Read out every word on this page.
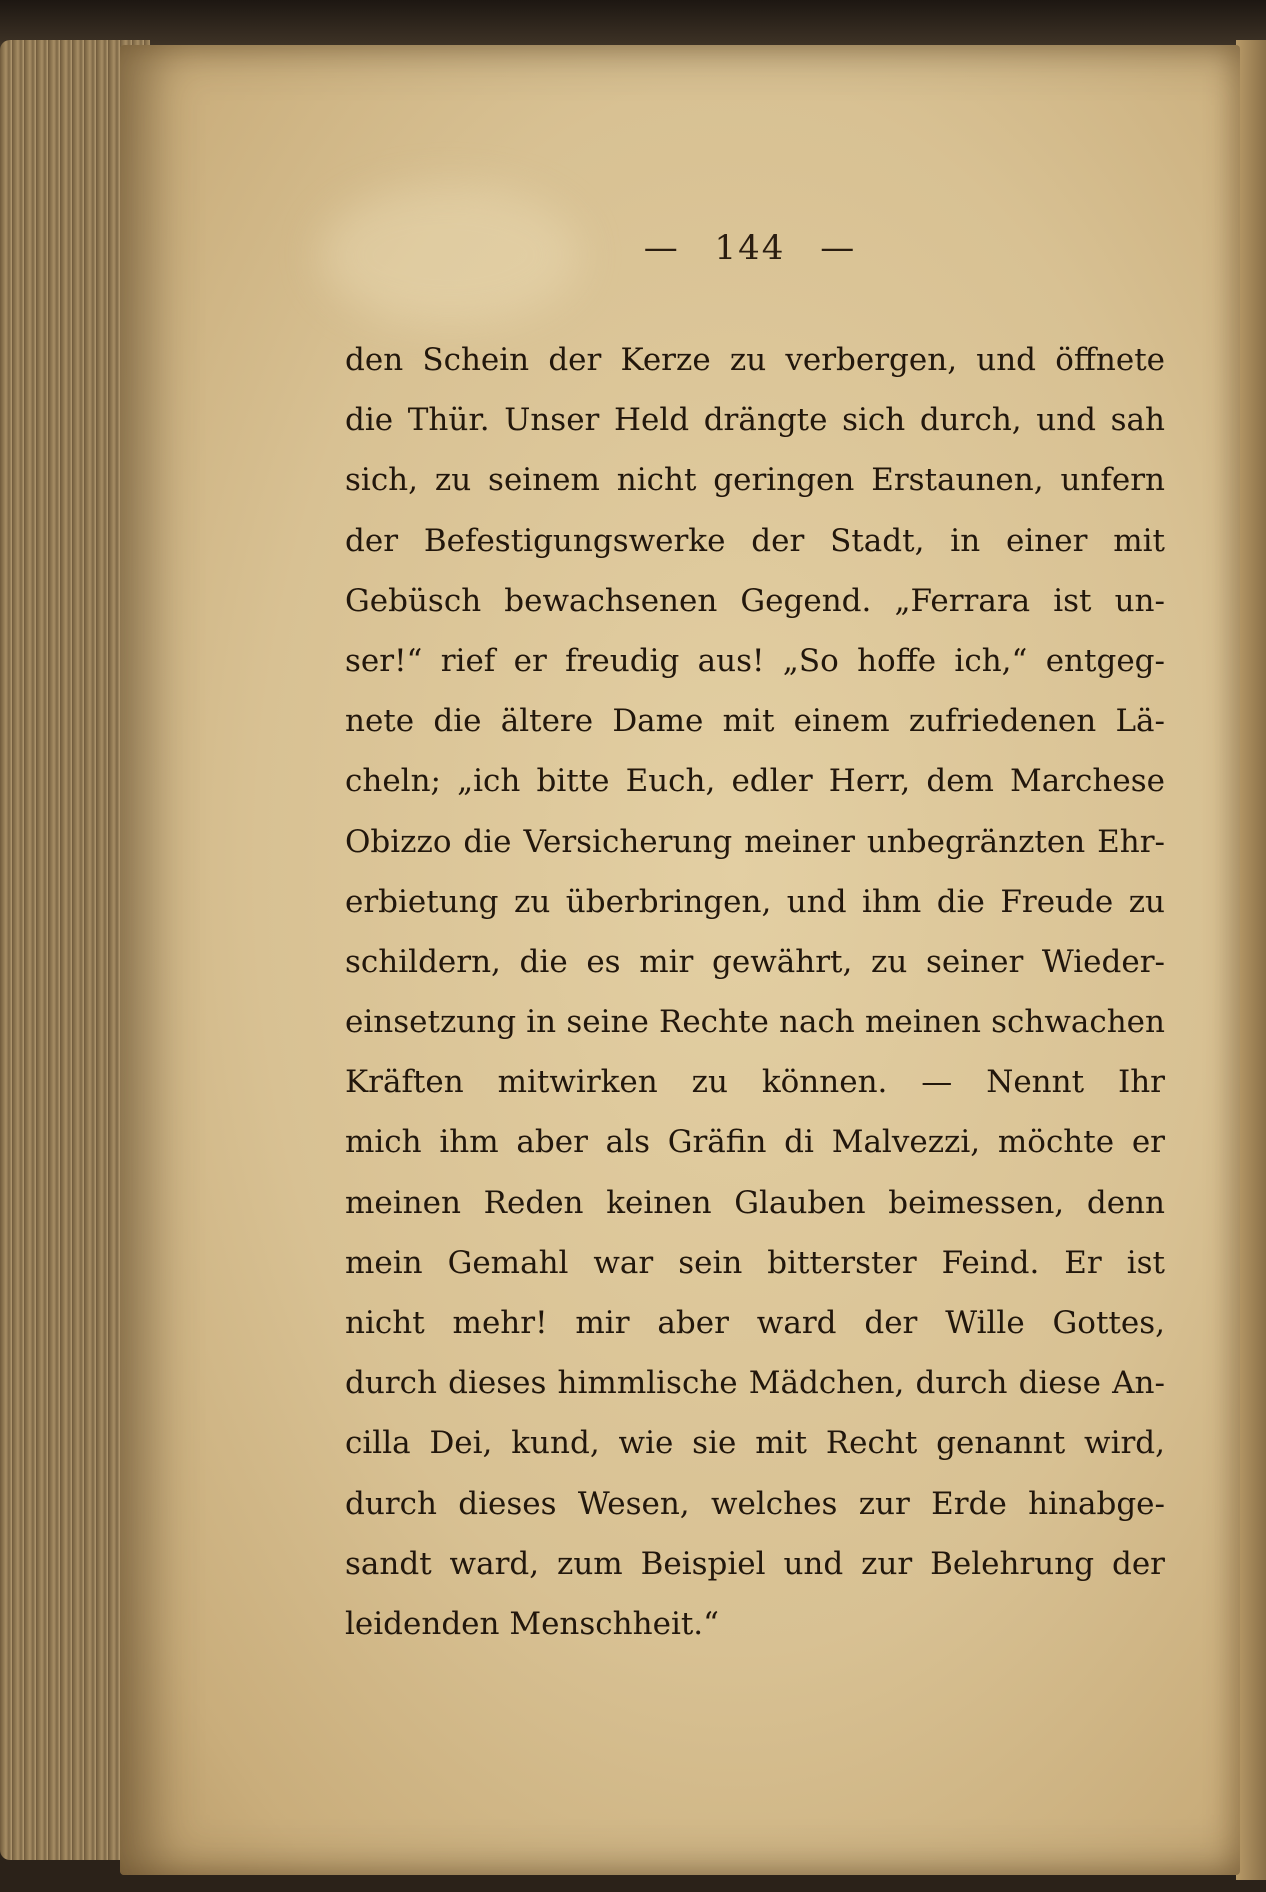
— 144 —
den Schein der Kerze zu verbergen, und öffnete
die Thür. Unser Held drängte sich durch, und sah
sich, zu seinem nicht geringen Erstaunen, unfern
der Befestigungswerke der Stadt, in einer mit
Gebüsch bewachsenen Gegend. „Ferrara ist un-
ser!“ rief er freudig aus! „So hoffe ich,“ entgeg-
nete die ältere Dame mit einem zufriedenen Lä-
cheln; „ich bitte Euch, edler Herr, dem Marchese
Obizzo die Versicherung meiner unbegränzten Ehr-
erbietung zu überbringen, und ihm die Freude zu
schildern, die es mir gewährt, zu seiner Wieder-
einsetzung in seine Rechte nach meinen schwachen
Kräften mitwirken zu können. — Nennt Ihr
mich ihm aber als Gräfin di Malvezzi, möchte er
meinen Reden keinen Glauben beimessen, denn
mein Gemahl war sein bitterster Feind. Er ist
nicht mehr! mir aber ward der Wille Gottes,
durch dieses himmlische Mädchen, durch diese An-
cilla Dei, kund, wie sie mit Recht genannt wird,
durch dieses Wesen, welches zur Erde hinabge-
sandt ward, zum Beispiel und zur Belehrung der
leidenden Menschheit.“
